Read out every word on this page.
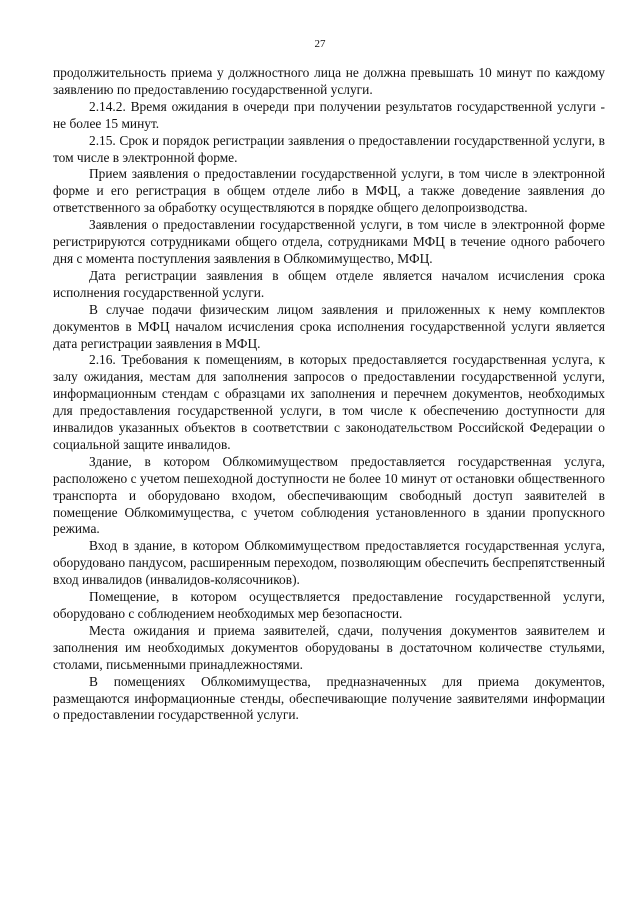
27

продолжительность приема у должностного лица не должна превышать 10 минут по каждому заявлению по предоставлению государственной услуги.

2.14.2. Время ожидания в очереди при получении результатов государственной услуги - не более 15 минут.

2.15. Срок и порядок регистрации заявления о предоставлении государственной услуги, в том числе в электронной форме.

Прием заявления о предоставлении государственной услуги, в том числе в электронной форме и его регистрация в общем отделе либо в МФЦ, а также доведение заявления до ответственного за обработку осуществляются в порядке общего делопроизводства.

Заявления о предоставлении государственной услуги, в том числе в электронной форме регистрируются сотрудниками общего отдела, сотрудниками МФЦ в течение одного рабочего дня с момента поступления заявления в Облкомимущество, МФЦ.

Дата регистрации заявления в общем отделе является началом исчисления срока исполнения государственной услуги.

В случае подачи физическим лицом заявления и приложенных к нему комплектов документов в МФЦ началом исчисления срока исполнения государственной услуги является дата регистрации заявления в МФЦ.

2.16. Требования к помещениям, в которых предоставляется государственная услуга, к залу ожидания, местам для заполнения запросов о предоставлении государственной услуги, информационным стендам с образцами их заполнения и перечнем документов, необходимых для предоставления государственной услуги, в том числе к обеспечению доступности для инвалидов указанных объектов в соответствии с законодательством Российской Федерации о социальной защите инвалидов.

Здание, в котором Облкомимуществом предоставляется государственная услуга, расположено с учетом пешеходной доступности не более 10 минут от остановки общественного транспорта и оборудовано входом, обеспечивающим свободный доступ заявителей в помещение Облкомимущества, с учетом соблюдения установленного в здании пропускного режима.

Вход в здание, в котором Облкомимуществом предоставляется государственная услуга, оборудовано пандусом, расширенным переходом, позволяющим обеспечить беспрепятственный вход инвалидов (инвалидов-колясочников).

Помещение, в котором осуществляется предоставление государственной услуги, оборудовано с соблюдением необходимых мер безопасности.

Места ожидания и приема заявителей, сдачи, получения документов заявителем и заполнения им необходимых документов оборудованы в достаточном количестве стульями, столами, письменными принадлежностями.

В помещениях Облкомимущества, предназначенных для приема документов, размещаются информационные стенды, обеспечивающие получение заявителями информации о предоставлении государственной услуги.
